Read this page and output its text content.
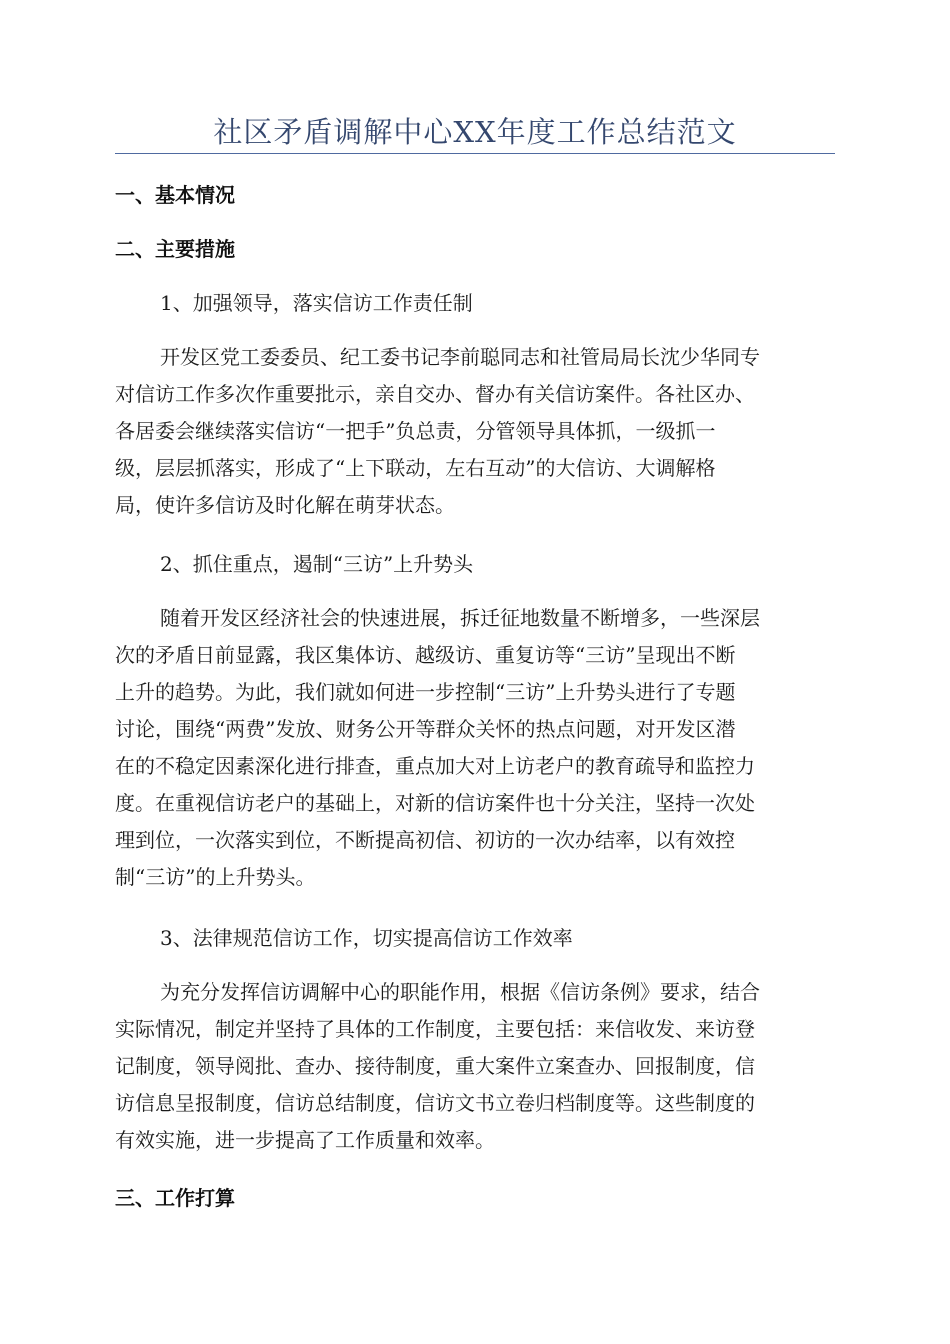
社区矛盾调解中心XX年度工作总结范文
一、基本情况
二、主要措施
1、加强领导，落实信访工作责任制
开发区党工委委员、纪工委书记李前聪同志和社管局局长沈少华同专
对信访工作多次作重要批示，亲自交办、督办有关信访案件。各社区办、
各居委会继续落实信访“一把手”负总责，分管领导具体抓，一级抓一
级，层层抓落实，形成了“上下联动，左右互动”的大信访、大调解格
局，使许多信访及时化解在萌芽状态。
2、抓住重点，遏制“三访”上升势头
随着开发区经济社会的快速进展，拆迁征地数量不断增多，一些深层
次的矛盾日前显露，我区集体访、越级访、重复访等“三访”呈现出不断
上升的趋势。为此，我们就如何进一步控制“三访”上升势头进行了专题
讨论，围绕“两费”发放、财务公开等群众关怀的热点问题，对开发区潜
在的不稳定因素深化进行排查，重点加大对上访老户的教育疏导和监控力
度。在重视信访老户的基础上，对新的信访案件也十分关注，坚持一次处
理到位，一次落实到位，不断提高初信、初访的一次办结率，以有效控
制“三访”的上升势头。
3、法律规范信访工作，切实提高信访工作效率
为充分发挥信访调解中心的职能作用，根据《信访条例》要求，结合
实际情况，制定并坚持了具体的工作制度，主要包括：来信收发、来访登
记制度，领导阅批、查办、接待制度，重大案件立案查办、回报制度，信
访信息呈报制度，信访总结制度，信访文书立卷归档制度等。这些制度的
有效实施，进一步提高了工作质量和效率。
三、工作打算
